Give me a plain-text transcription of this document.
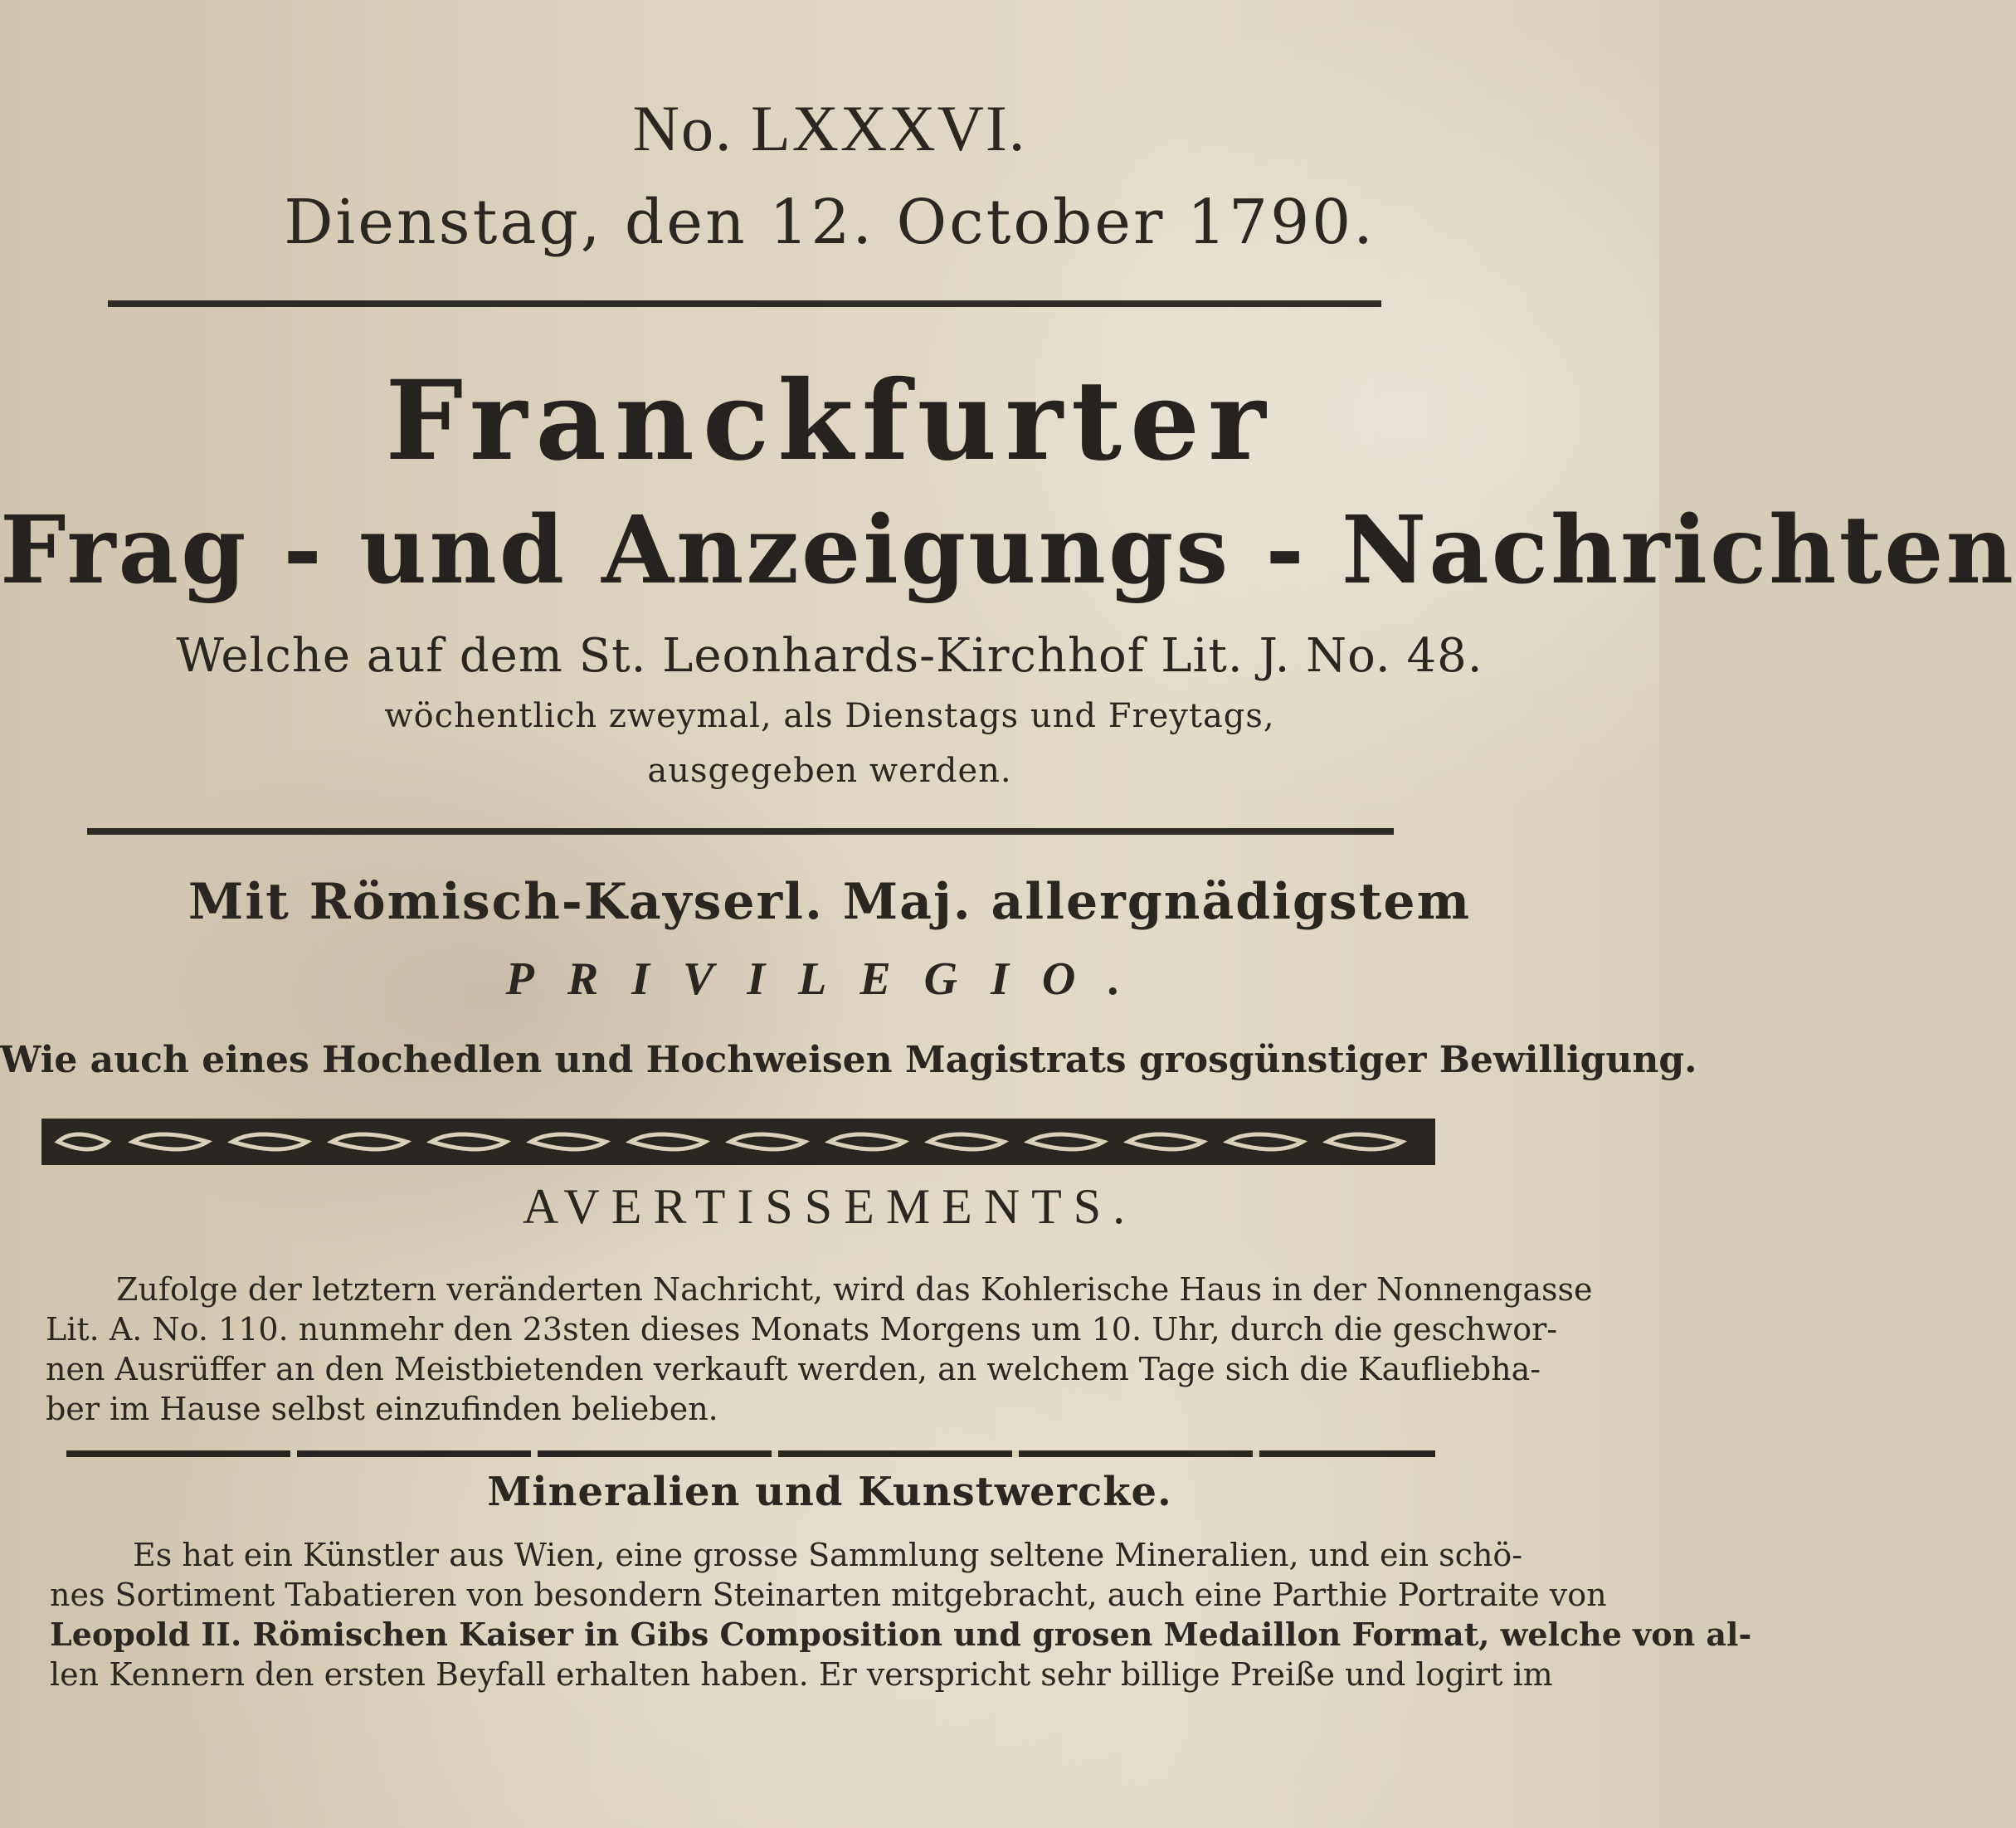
No. LXXXVI.
Dienstag, den 12. October 1790.
Franckfurter
Frag - und Anzeigungs - Nachrichten
Welche auf dem St. Leonhards-Kirchhof Lit. J. No. 48.
wöchentlich zweymal, als Dienstags und Freytags,
ausgegeben werden.
Mit Römisch-Kayserl. Maj. allergnädigstem
PRIVILEGIO.
Wie auch eines Hochedlen und Hochweisen Magistrats grosgünstiger Bewilligung.
AVERTISSEMENTS.
Zufolge der letztern veränderten Nachricht, wird das Kohlerische Haus in der Nonnengasse
Lit. A. No. 110. nunmehr den 23sten dieses Monats Morgens um 10. Uhr, durch die geschwor-
nen Ausrüffer an den Meistbietenden verkauft werden, an welchem Tage sich die Kaufliebha-
ber im Hause selbst einzufinden belieben.
Mineralien und Kunstwercke.
Es hat ein Künstler aus Wien, eine grosse Sammlung seltene Mineralien, und ein schö-
nes Sortiment Tabatieren von besondern Steinarten mitgebracht, auch eine Parthie Portraite von
Leopold II. Römischen Kaiser in Gibs Composition und grosen Medaillon Format, welche von al-
len Kennern den ersten Beyfall erhalten haben. Er verspricht sehr billige Preiße und logirt im
